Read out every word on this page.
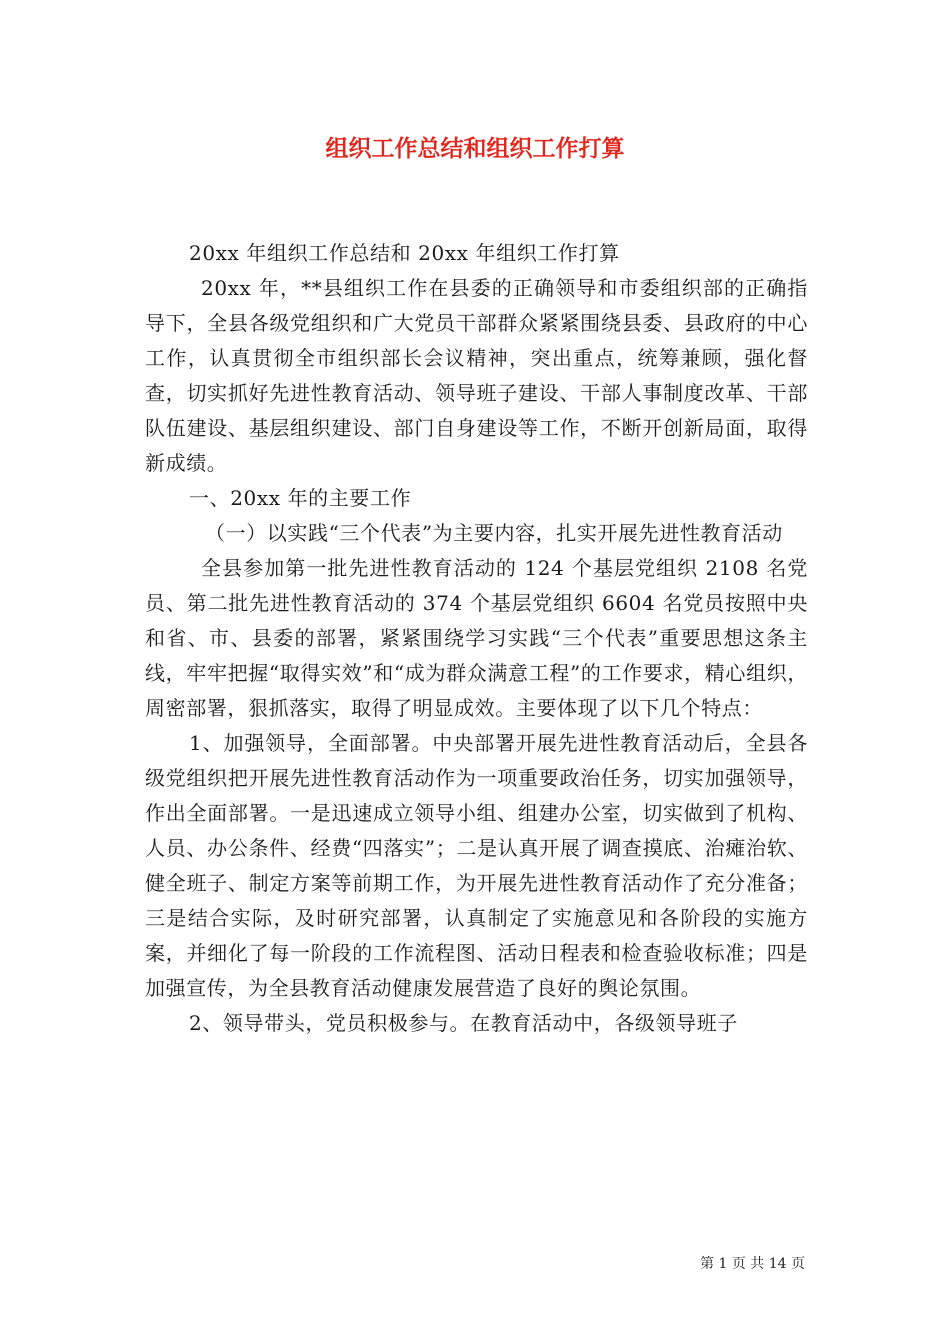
组织工作总结和组织工作打算

20xx 年组织工作总结和 20xx 年组织工作打算

20xx 年，**县组织工作在县委的正确领导和市委组织部的正确指导下，全县各级党组织和广大党员干部群众紧紧围绕县委、县政府的中心工作，认真贯彻全市组织部长会议精神，突出重点，统筹兼顾，强化督查，切实抓好先进性教育活动、领导班子建设、干部人事制度改革、干部队伍建设、基层组织建设、部门自身建设等工作，不断开创新局面，取得新成绩。

一、20xx 年的主要工作

（一）以实践“三个代表”为主要内容，扎实开展先进性教育活动

全县参加第一批先进性教育活动的 124 个基层党组织 2108 名党员、第二批先进性教育活动的 374 个基层党组织 6604 名党员按照中央和省、市、县委的部署，紧紧围绕学习实践“三个代表”重要思想这条主线，牢牢把握“取得实效”和“成为群众满意工程”的工作要求，精心组织，周密部署，狠抓落实，取得了明显成效。主要体现了以下几个特点：

1、加强领导，全面部署。中央部署开展先进性教育活动后，全县各级党组织把开展先进性教育活动作为一项重要政治任务，切实加强领导，作出全面部署。一是迅速成立领导小组、组建办公室，切实做到了机构、人员、办公条件、经费“四落实”；二是认真开展了调查摸底、治瘫治软、健全班子、制定方案等前期工作，为开展先进性教育活动作了充分准备；三是结合实际，及时研究部署，认真制定了实施意见和各阶段的实施方案，并细化了每一阶段的工作流程图、活动日程表和检查验收标准；四是加强宣传，为全县教育活动健康发展营造了良好的舆论氛围。

2、领导带头，党员积极参与。在教育活动中，各级领导班子

第 1 页 共 14 页
